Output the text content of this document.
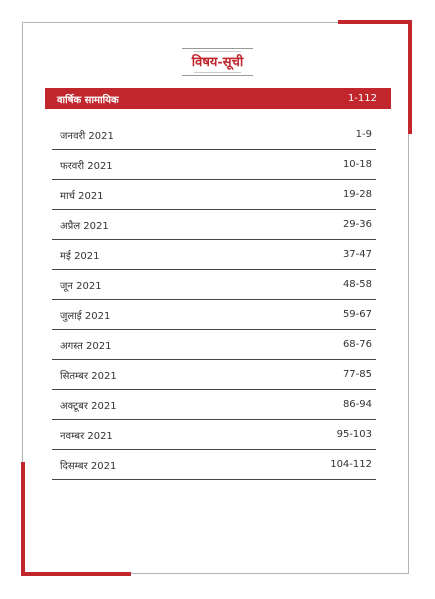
विषय-सूची
वार्षिक सामायिक	1-112
जनवरी 2021	1-9
फरवरी 2021	10-18
मार्च 2021	19-28
अप्रैल 2021	29-36
मई 2021	37-47
जून 2021	48-58
जुलाई 2021	59-67
अगस्त 2021	68-76
सितम्बर 2021	77-85
अक्टूबर 2021	86-94
नवम्बर 2021	95-103
दिसम्बर 2021	104-112
